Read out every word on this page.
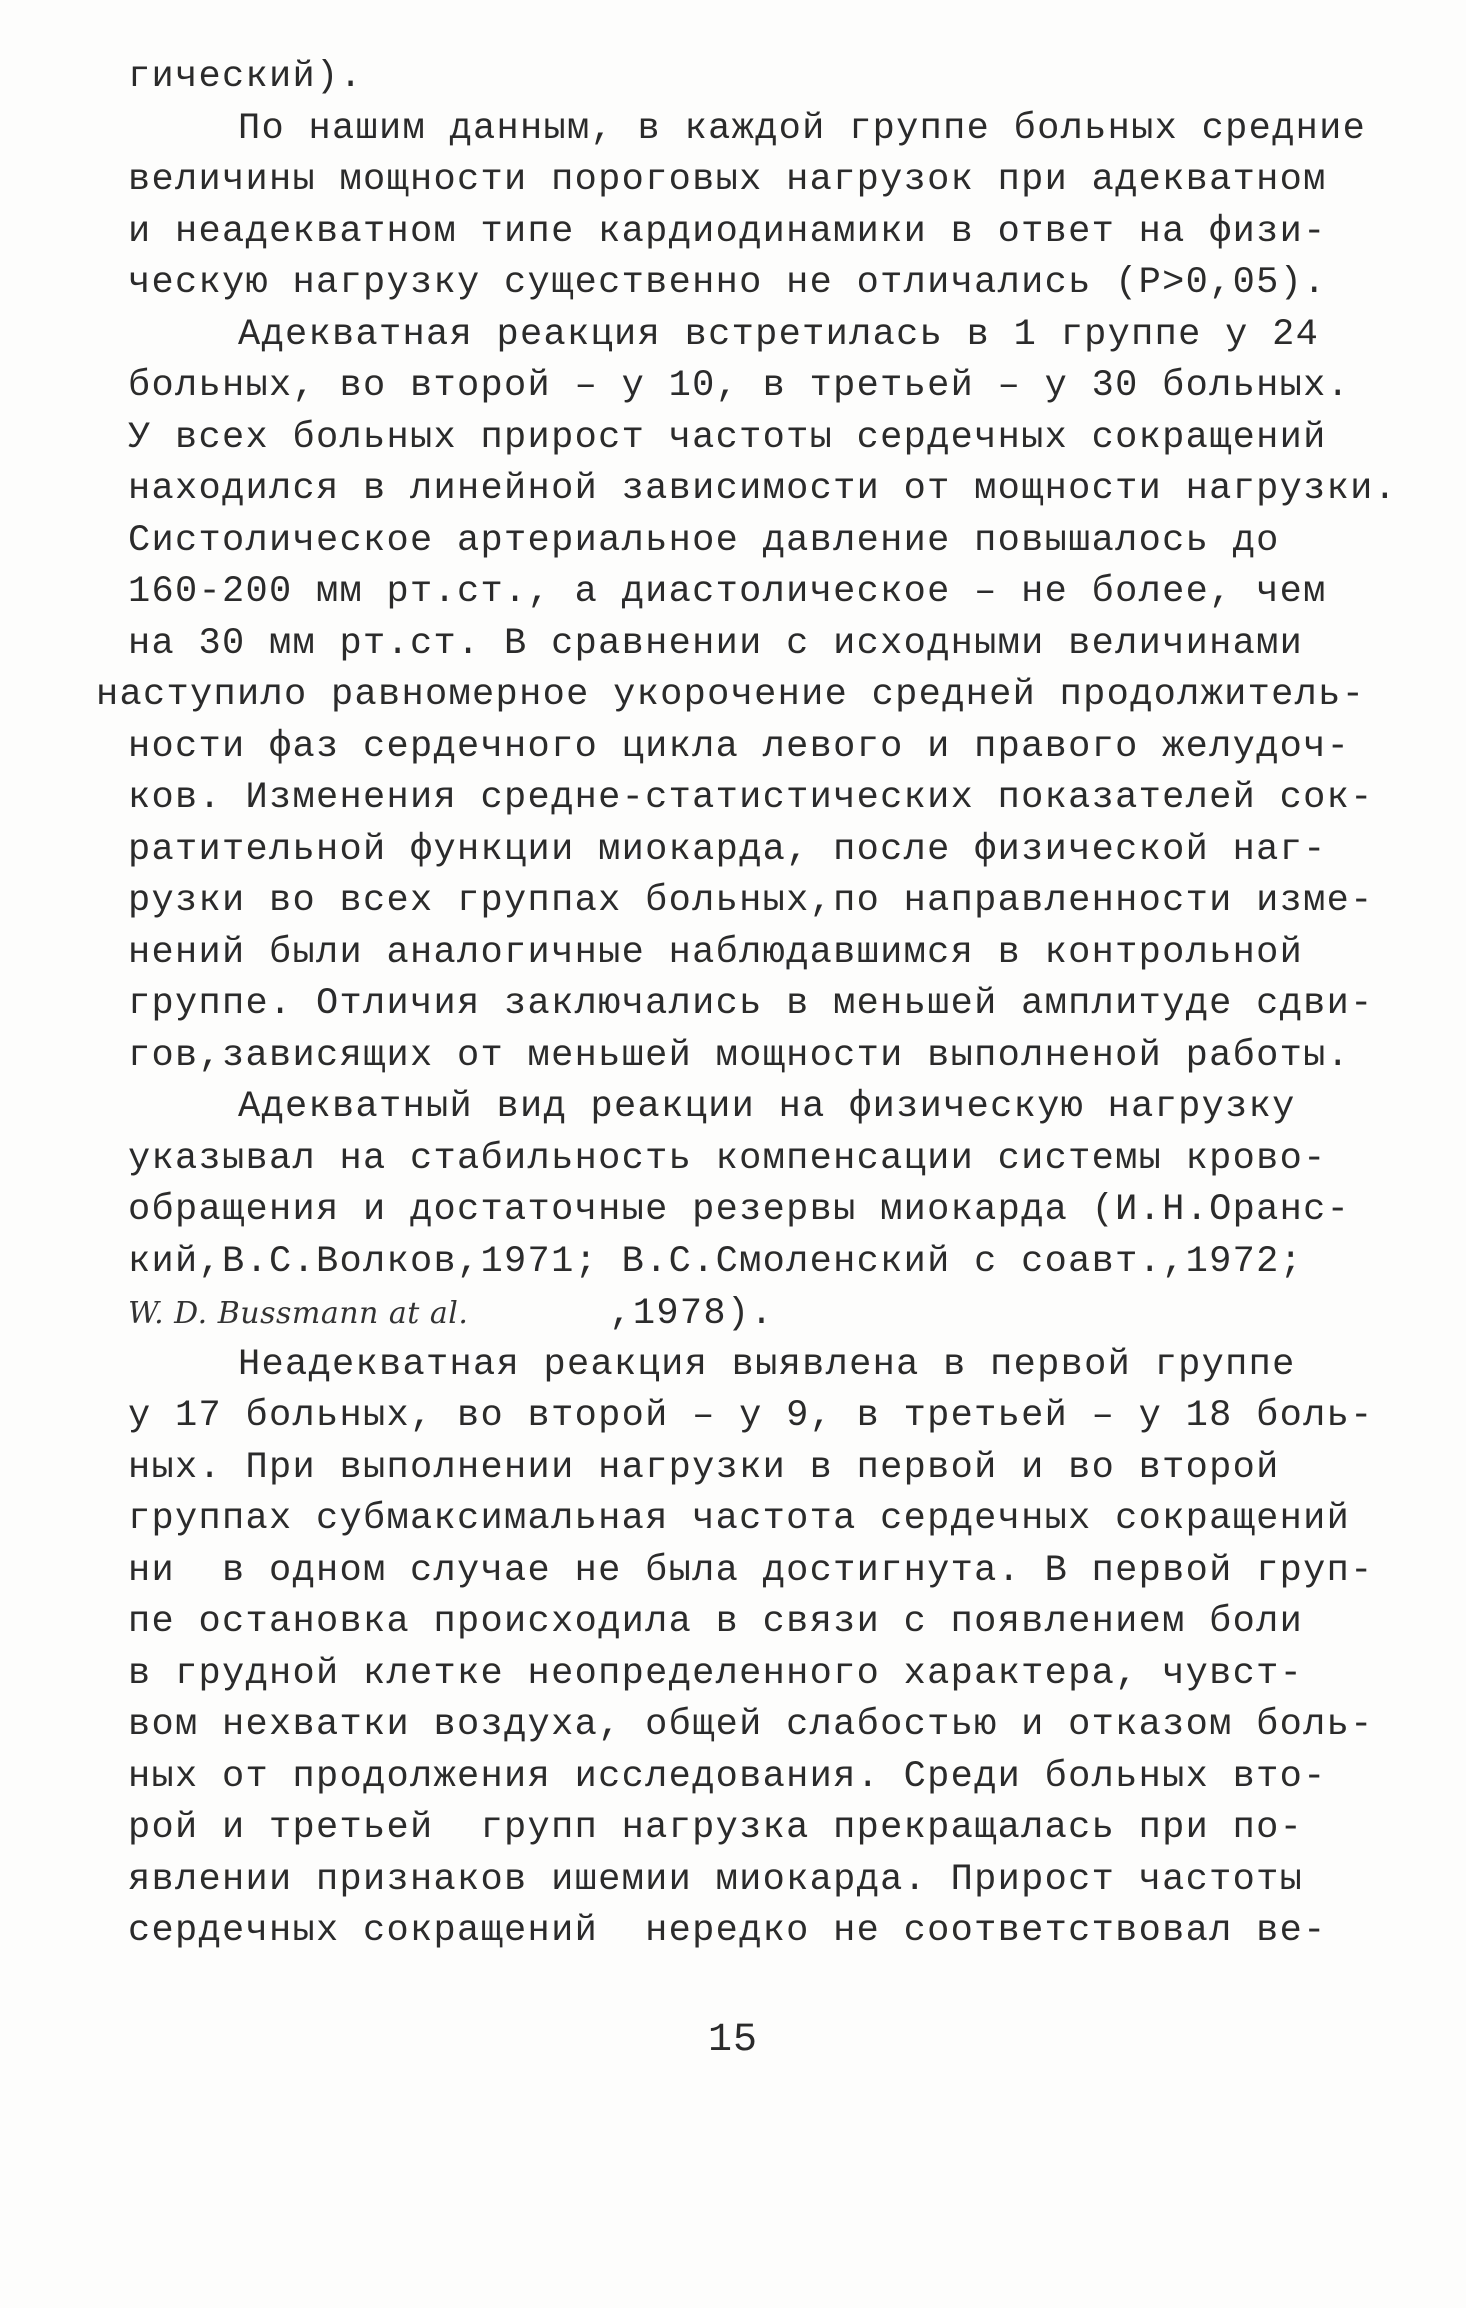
гический).
По нашим данным, в каждой группе больных средние
величины мощности пороговых нагрузок при адекватном
и неадекватном типе кардиодинамики в ответ на физи-
ческую нагрузку существенно не отличались (Р>0,05).
Адекватная реакция встретилась в 1 группе у 24
больных, во второй – у 10, в третьей – у 30 больных.
У всех больных прирост частоты сердечных сокращений
находился в линейной зависимости от мощности нагрузки.
Систолическое артериальное давление повышалось до
160-200 мм рт.ст., а диастолическое – не более, чем
на 30 мм рт.ст. В сравнении с исходными величинами
наступило равномерное укорочение средней продолжитель-
ности фаз сердечного цикла левого и правого желудоч-
ков. Изменения средне-статистических показателей сок-
ратительной функции миокарда, после физической наг-
рузки во всех группах больных,по направленности изме-
нений были аналогичные наблюдавшимся в контрольной
группе. Отличия заключались в меньшей амплитуде сдви-
гов,зависящих от меньшей мощности выполненой работы.
Адекватный вид реакции на физическую нагрузку
указывал на стабильность компенсации системы крово-
обращения и достаточные резервы миокарда (И.Н.Оранс-
кий,В.С.Волков,1971; В.С.Смоленский с соавт.,1972;
W. D. Bussmann at al.      ,1978).
Неадекватная реакция выявлена в первой группе
у 17 больных, во второй – у 9, в третьей – у 18 боль-
ных. При выполнении нагрузки в первой и во второй
группах субмаксимальная частота сердечных сокращений
ни  в одном случае не была достигнута. В первой груп-
пе остановка происходила в связи с появлением боли
в грудной клетке неопределенного характера, чувст-
вом нехватки воздуха, общей слабостью и отказом боль-
ных от продолжения исследования. Среди больных вто-
рой и третьей  групп нагрузка прекращалась при по-
явлении признаков ишемии миокарда. Прирост частоты
сердечных сокращений  нередко не соответствовал ве-
15
